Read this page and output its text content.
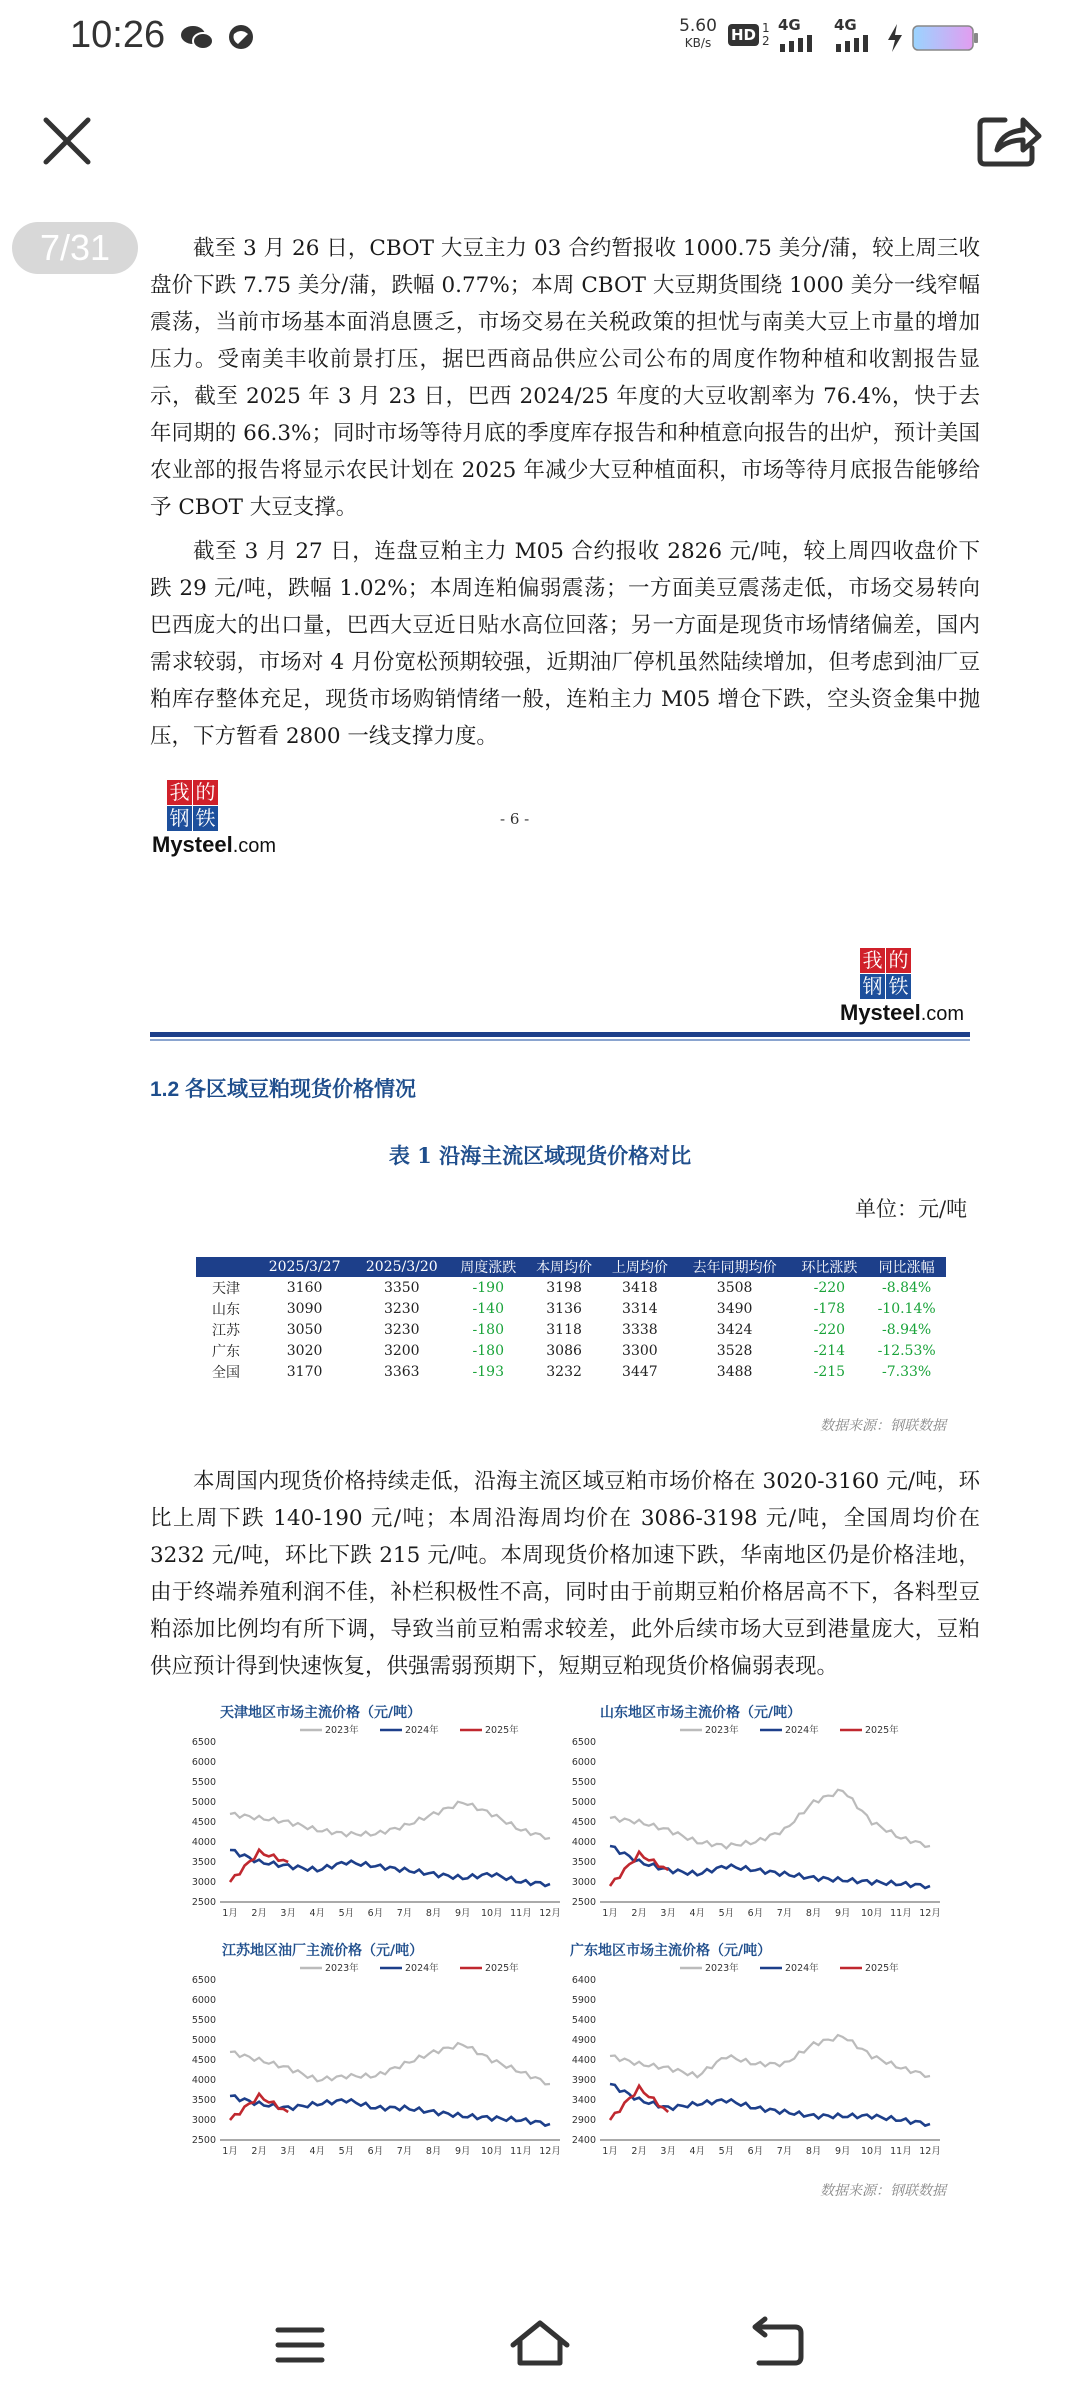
10:26	5.60
KB/s	HD 1
2
4G 4G
7/31	截至 3 月 26 日，CBOT 大豆主力 03 合约暂报收 1000.75 美分/蒲，较上周三收盘价下跌 7.75 美分/蒲，跌幅 0.77%；本周 CBOT 大豆期货围绕 1000 美分一线窄幅震荡，当前市场基本面消息匮乏，市场交易在关税政策的担忧与南美大豆上市量的增加压力。受南美丰收前景打压，据巴西商品供应公司公布的周度作物种植和收割报告显示，截至 2025 年 3 月 23 日，巴西 2024/25 年度的大豆收割率为 76.4%，快于去年同期的 66.3%；同时市场等待月底的季度库存报告和种植意向报告的出炉，预计美国农业部的报告将显示农民计划在 2025 年减少大豆种植面积，市场等待月底报告能够给予 CBOT 大豆支撑。
截至 3 月 27 日，连盘豆粕主力 M05 合约报收 2826 元/吨，较上周四收盘价下跌 29 元/吨，跌幅 1.02%；本周连粕偏弱震荡；一方面美豆震荡走低，市场交易转向巴西庞大的出口量，巴西大豆近日贴水高位回落；另一方面是现货市场情绪偏差，国内需求较弱，市场对 4 月份宽松预期较强，近期油厂停机虽然陆续增加，但考虑到油厂豆粕库存整体充足，现货市场购销情绪一般，连粕主力 M05 增仓下跌，空头资金集中抛压，下方暂看 2800 一线支撑力度。
我 的
钢 铁
Mysteel.com
- 6 -
我 的
钢 铁
Mysteel.com
1.2 各区域豆粕现货价格情况
表 1 沿海主流区域现货价格对比
单位：元/吨
	2025/3/27	2025/3/20	周度涨跌	本周均价	上周均价	去年同期均价	环比涨跌	同比涨幅
天津	3160	3350	-190	3198	3418	3508	-220	-8.84%
山东	3090	3230	-140	3136	3314	3490	-178	-10.14%
江苏	3050	3230	-180	3118	3338	3424	-220	-8.94%
广东	3020	3200	-180	3086	3300	3528	-214	-12.53%
全国	3170	3363	-193	3232	3447	3488	-215	-7.33%
数据来源：钢联数据
本周国内现货价格持续走低，沿海主流区域豆粕市场价格在 3020-3160 元/吨，环比上周下跌 140-190 元/吨；本周沿海周均价在 3086-3198 元/吨，全国周均价在 3232 元/吨，环比下跌 215 元/吨。本周现货价格加速下跌，华南地区仍是价格洼地，由于终端养殖利润不佳，补栏积极性不高，同时由于前期豆粕价格居高不下，各料型豆粕添加比例均有所下调，导致当前豆粕需求较差，此外后续市场大豆到港量庞大，豆粕供应预计得到快速恢复，供强需弱预期下，短期豆粕现货价格偏弱表现。
天津地区市场主流价格（元/吨）
2023年	2024年	2025年
6500
6000
5500
5000
4500
4000
3500
3000
2500
1月 2月 3月 4月 5月 6月 7月 8月 9月 10月 11月 12月
山东地区市场主流价格（元/吨）
2023年	2024年	2025年
6500
6000
5500
5000
4500
4000
3500
3000
2500
1月 2月 3月 4月 5月 6月 7月 8月 9月 10月 11月 12月
江苏地区油厂主流价格（元/吨）
2023年	2024年	2025年
6500
6000
5500
5000
4500
4000
3500
3000
2500
1月 2月 3月 4月 5月 6月 7月 8月 9月 10月 11月 12月
广东地区市场主流价格（元/吨）
2023年	2024年	2025年
6400
5900
5400
4900
4400
3900
3400
2900
2400
1月 2月 3月 4月 5月 6月 7月 8月 9月 10月 11月 12月
数据来源：钢联数据
